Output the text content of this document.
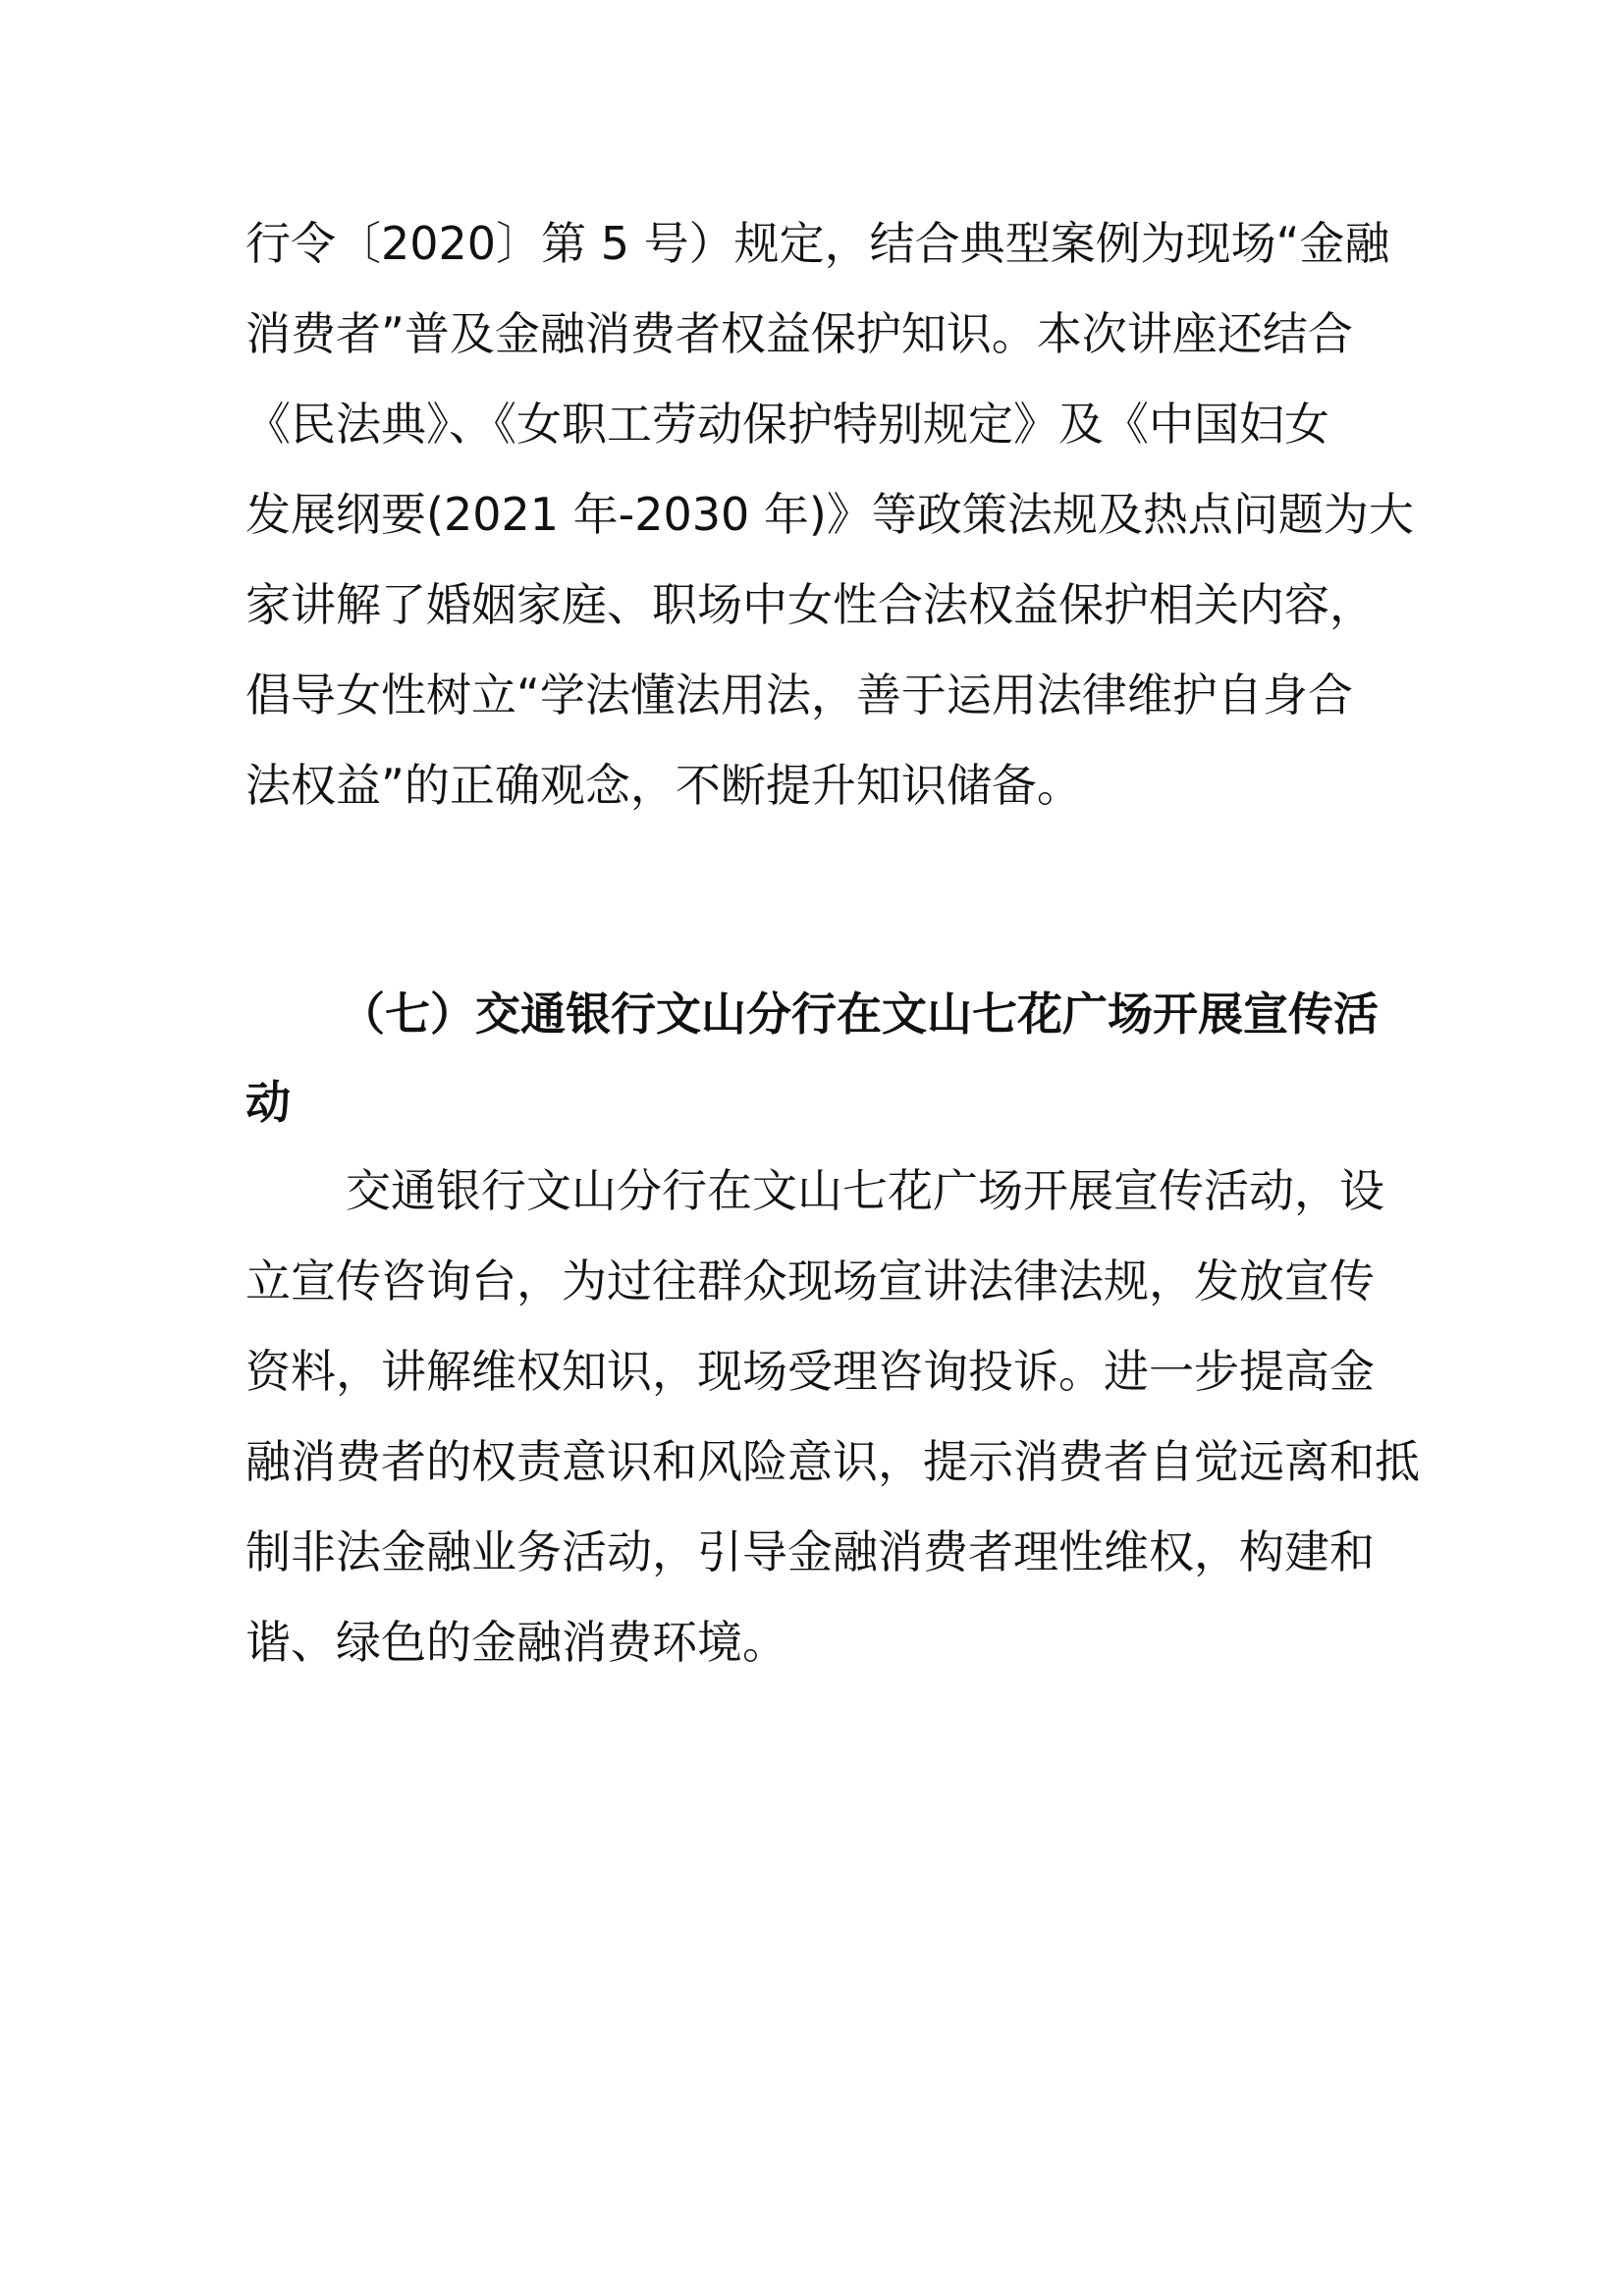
行令〔2020〕第 5 号）规定，结合典型案例为现场“金融
消费者”普及金融消费者权益保护知识。本次讲座还结合
《民法典》、《女职工劳动保护特别规定》及《中国妇女
发展纲要(2021 年-2030 年)》等政策法规及热点问题为大
家讲解了婚姻家庭、职场中女性合法权益保护相关内容，
倡导女性树立“学法懂法用法，善于运用法律维护自身合
法权益”的正确观念，不断提升知识储备。
（七）交通银行文山分行在文山七花广场开展宣传活
动
交通银行文山分行在文山七花广场开展宣传活动，设
立宣传咨询台，为过往群众现场宣讲法律法规，发放宣传
资料，讲解维权知识，现场受理咨询投诉。进一步提高金
融消费者的权责意识和风险意识，提示消费者自觉远离和抵
制非法金融业务活动，引导金融消费者理性维权，构建和
谐、绿色的金融消费环境。
